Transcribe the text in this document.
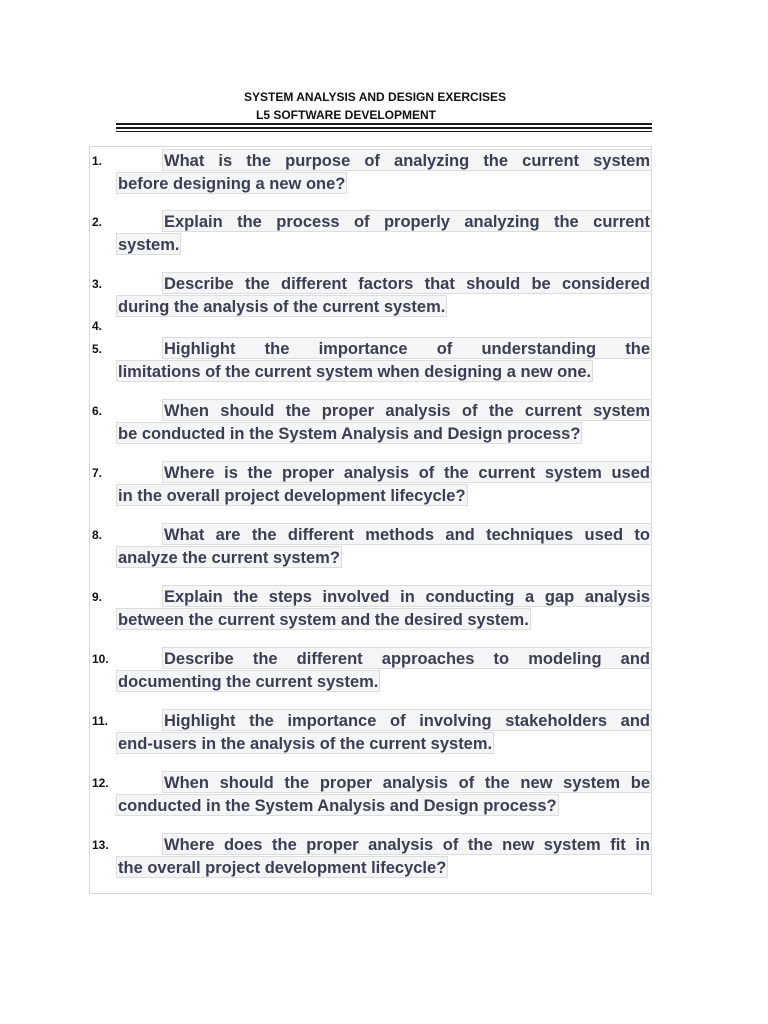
SYSTEM ANALYSIS AND DESIGN EXERCISES
L5 SOFTWARE DEVELOPMENT
1.	What is the purpose of analyzing the current system
before designing a new one?
2.	Explain the process of properly analyzing the current
system.
3.	Describe the different factors that should be considered
during the analysis of the current system.
4.
5.	Highlight the importance of understanding the
limitations of the current system when designing a new one.
6.	When should the proper analysis of the current system
be conducted in the System Analysis and Design process?
7.	Where is the proper analysis of the current system used
in the overall project development lifecycle?
8.	What are the different methods and techniques used to
analyze the current system?
9.	Explain the steps involved in conducting a gap analysis
between the current system and the desired system.
10.	Describe the different approaches to modeling and
documenting the current system.
11.	Highlight the importance of involving stakeholders and
end-users in the analysis of the current system.
12.	When should the proper analysis of the new system be
conducted in the System Analysis and Design process?
13.	Where does the proper analysis of the new system fit in
the overall project development lifecycle?
